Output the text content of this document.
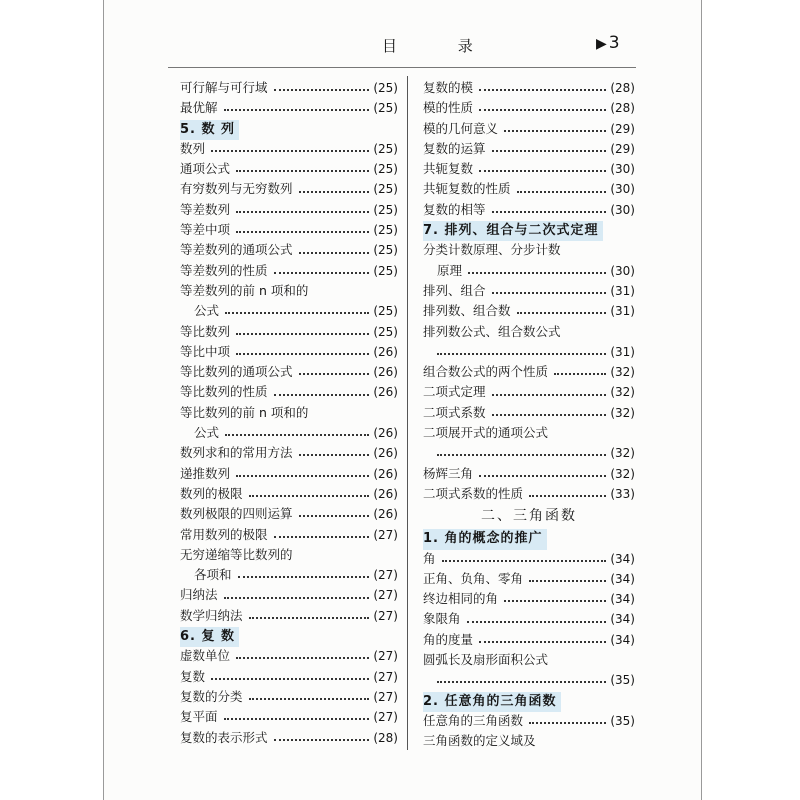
目 录	▶ 3
可行解与可行域	(25)
最优解	(25)
5. 数 列
数列	(25)
通项公式	(25)
有穷数列与无穷数列	(25)
等差数列	(25)
等差中项	(25)
等差数列的通项公式	(25)
等差数列的性质	(25)
等差数列的前 n 项和的
公式	(25)
等比数列	(25)
等比中项	(26)
等比数列的通项公式	(26)
等比数列的性质	(26)
等比数列的前 n 项和的
公式	(26)
数列求和的常用方法	(26)
递推数列	(26)
数列的极限	(26)
数列极限的四则运算	(26)
常用数列的极限	(27)
无穷递缩等比数列的
各项和	(27)
归纳法	(27)
数学归纳法	(27)
6. 复 数
虚数单位	(27)
复数	(27)
复数的分类	(27)
复平面	(27)
复数的表示形式	(28)
复数的模	(28)
模的性质	(28)
模的几何意义	(29)
复数的运算	(29)
共轭复数	(30)
共轭复数的性质	(30)
复数的相等	(30)
7. 排列、组合与二次式定理
分类计数原理、分步计数
原理	(30)
排列、组合	(31)
排列数、组合数	(31)
排列数公式、组合数公式
(31)
组合数公式的两个性质	(32)
二项式定理	(32)
二项式系数	(32)
二项展开式的通项公式
(32)
杨辉三角	(32)
二项式系数的性质	(33)
二、三角函数
1. 角的概念的推广
角	(34)
正角、负角、零角	(34)
终边相同的角	(34)
象限角	(34)
角的度量	(34)
圆弧长及扇形面积公式
(35)
2. 任意角的三角函数
任意角的三角函数	(35)
三角函数的定义域及
